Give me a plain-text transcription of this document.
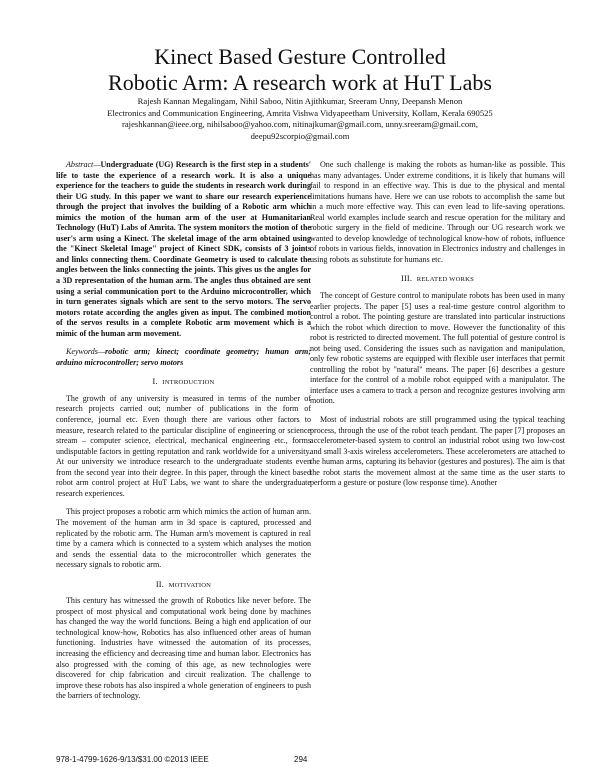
Kinect Based Gesture Controlled
Robotic Arm: A research work at HuT Labs
Rajesh Kannan Megalingam, Nihil Saboo, Nitin Ajithkumar, Sreeram Unny, Deepansh Menon
Electronics and Communication Engineering, Amrita Vishwa Vidyapeetham University, Kollam, Kerala 690525
rajeshkannan@ieee.org, nihilsaboo@yahoo.com, nitinajkumar@gmail.com, unny.sreeram@gmail.com,
deepu92scorpio@gmail.com

Abstract—Undergraduate (UG) Research is the first step in a students' life to taste the experience of a research work. It is also a unique experience for the teachers to guide the students in research work during their UG study. In this paper we want to share our research experience through the project that involves the building of a Robotic arm which mimics the motion of the human arm of the user at Humanitarian Technology (HuT) Labs of Amrita. The system monitors the motion of the user's arm using a Kinect. The skeletal image of the arm obtained using the "Kinect Skeletal Image" project of Kinect SDK, consists of 3 joints and links connecting them. Coordinate Geometry is used to calculate the angles between the links connecting the joints. This gives us the angles for a 3D representation of the human arm. The angles thus obtained are sent using a serial communication port to the Arduino microcontroller, which in turn generates signals which are sent to the servo motors. The servo motors rotate according the angles given as input. The combined motion of the servos results in a complete Robotic arm movement which is a mimic of the human arm movement.

Keywords—robotic arm; kinect; coordinate geometry; human arm; arduino microcontroller; servo motors

I. INTRODUCTION

The growth of any university is measured in terms of the number of research projects carried out; number of publications in the form of conference, journal etc. Even though there are various other factors to measure, research related to the particular discipline of engineering or science stream – computer science, electrical, mechanical engineering etc., forms undisputable factors in getting reputation and rank worldwide for a university. At our university we introduce research to the undergraduate students even from the second year into their degree. In this paper, through the kinect based robot arm control project at HuT Labs, we want to share the undergraduate research experiences.

This project proposes a robotic arm which mimics the action of human arm. The movement of the human arm in 3d space is captured, processed and replicated by the robotic arm. The Human arm's movement is captured in real time by a camera which is connected to a system which analyses the motion and sends the essential data to the microcontroller which generates the necessary signals to robotic arm.

II. MOTIVATION

This century has witnessed the growth of Robotics like never before. The prospect of most physical and computational work being done by machines has changed the way the world functions. Being a high end application of our technological know-how, Robotics has also influenced other areas of human functioning. Industries have witnessed the automation of its processes, increasing the efficiency and decreasing time and human labor. Electronics has also progressed with the coming of this age, as new technologies were discovered for chip fabrication and circuit realization. The challenge to improve these robots has also inspired a whole generation of engineers to push the barriers of technology.

One such challenge is making the robots as human-like as possible. This has many advantages. Under extreme conditions, it is likely that humans will fail to respond in an effective way. This is due to the physical and mental limitations humans have. Here we can use robots to accomplish the same but in a much more effective way. This can even lead to life-saving operations. Real world examples include search and rescue operation for the military and robotic surgery in the field of medicine. Through our UG research work we wanted to develop knowledge of technological know-how of robots, influence of robots in various fields, innovation in Electronics industry and challenges in using robots as substitute for humans etc.

III. RELATED WORKS

The concept of Gesture control to manipulate robots has been used in many earlier projects. The paper [5] uses a real-time gesture control algorithm to control a robot. The pointing gesture are translated into particular instructions which the robot which direction to move. However the functionality of this robot is restricted to directed movement. The full potential of gesture control is not being used. Considering the issues such as navigation and manipulation, only few robotic systems are equipped with flexible user interfaces that permit controlling the robot by "natural" means. The paper [6] describes a gesture interface for the control of a mobile robot equipped with a manipulator. The interface uses a camera to track a person and recognize gestures involving arm motion.

Most of industrial robots are still programmed using the typical teaching process, through the use of the robot teach pendant. The paper [7] proposes an accelerometer-based system to control an industrial robot using two low-cost and small 3-axis wireless accelerometers. These accelerometers are attached to the human arms, capturing its behavior (gestures and postures). The aim is that the robot starts the movement almost at the same time as the user starts to perform a gesture or posture (low response time). Another

978-1-4799-1626-9/13/$31.00 ©2013 IEEE	294
